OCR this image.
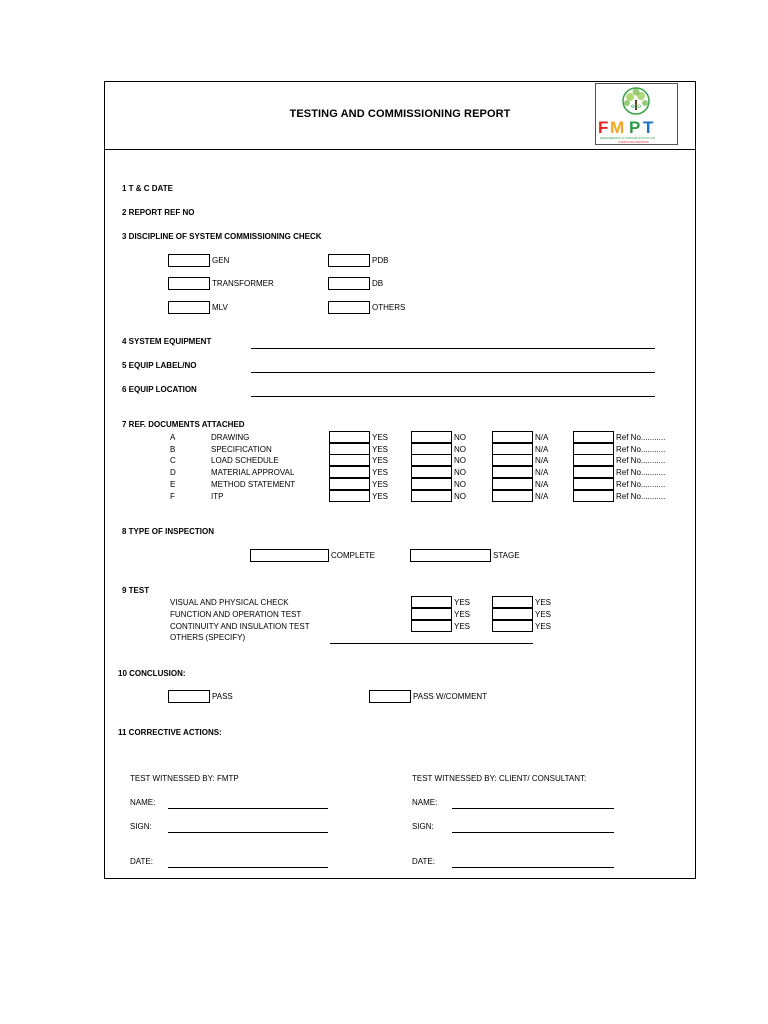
TESTING AND COMMISSIONING REPORT
eco
F M P T
ENGINEERING & CONSTRUCTION LTD
CONSULTING SERVICES
1 T & C DATE
2 REPORT REF NO
3 DISCIPLINE OF SYSTEM COMMISSIONING CHECK
GEN	PDB
TRANSFORMER	DB
MLV	OTHERS
4 SYSTEM EQUIPMENT
5 EQUIP LABEL/NO
6 EQUIP LOCATION
7 REF. DOCUMENTS ATTACHED
A	DRAWING	YES	NO	N/A	Ref No...........
B	SPECIFICATION	YES	NO	N/A	Ref No...........
C	LOAD SCHEDULE	YES	NO	N/A	Ref No...........
D	MATERIAL APPROVAL	YES	NO	N/A	Ref No...........
E	METHOD STATEMENT	YES	NO	N/A	Ref No...........
F	ITP	YES	NO	N/A	Ref No...........
8 TYPE OF INSPECTION
COMPLETE	STAGE
9 TEST
VISUAL AND PHYSICAL CHECK	YES	YES
FUNCTION AND OPERATION TEST	YES	YES
CONTINUITY AND INSULATION TEST	YES	YES
OTHERS (SPECIFY)
10 CONCLUSION:
PASS	PASS W/COMMENT
11 CORRECTIVE ACTIONS:
TEST WITNESSED BY: FMTP	TEST WITNESSED BY: CLIENT/ CONSULTANT:
NAME:	NAME:
SIGN:	SIGN:
DATE:	DATE:
